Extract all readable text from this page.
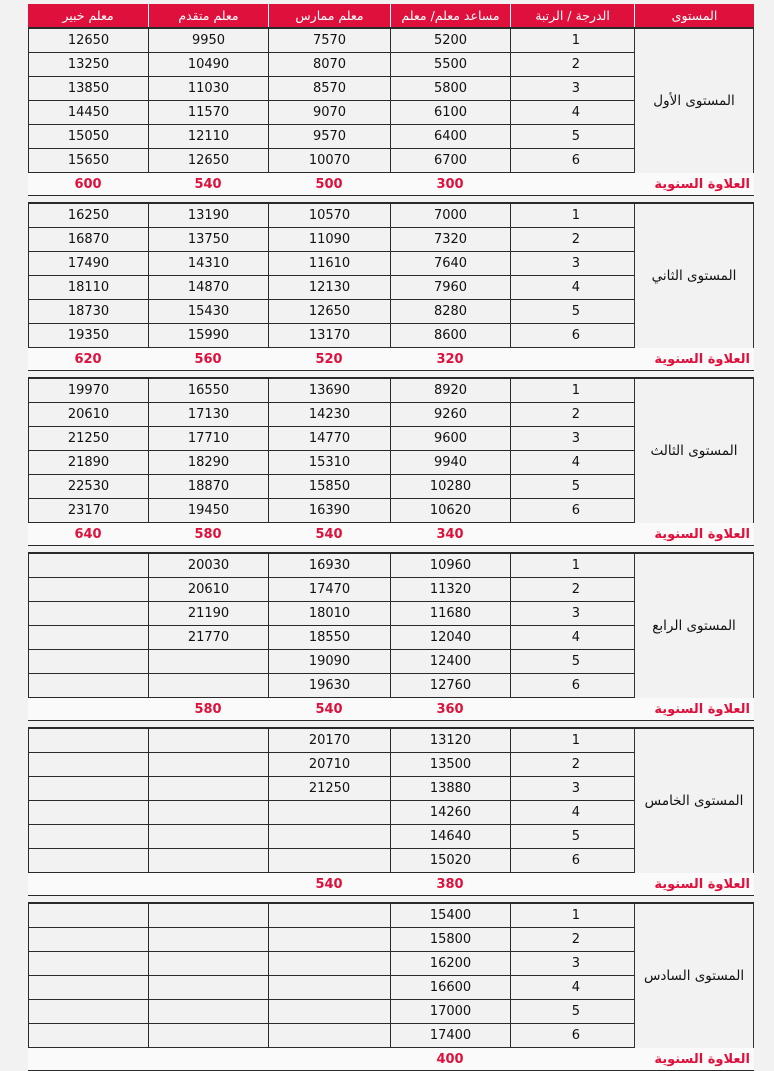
المستوى
الدرجة / الرتبة
مساعد معلم/ معلم
معلم ممارس
معلم متقدم
معلم خبير
المستوى الأول
1
5200
7570
9950
12650
2
5500
8070
10490
13250
3
5800
8570
11030
13850
4
6100
9070
11570
14450
5
6400
9570
12110
15050
6
6700
10070
12650
15650
العلاوة السنوية
300
500
540
600
المستوى الثاني
1
7000
10570
13190
16250
2
7320
11090
13750
16870
3
7640
11610
14310
17490
4
7960
12130
14870
18110
5
8280
12650
15430
18730
6
8600
13170
15990
19350
العلاوة السنوية
320
520
560
620
المستوى الثالث
1
8920
13690
16550
19970
2
9260
14230
17130
20610
3
9600
14770
17710
21250
4
9940
15310
18290
21890
5
10280
15850
18870
22530
6
10620
16390
19450
23170
العلاوة السنوية
340
540
580
640
المستوى الرابع
1
10960
16930
20030
2
11320
17470
20610
3
11680
18010
21190
4
12040
18550
21770
5
12400
19090
6
12760
19630
العلاوة السنوية
360
540
580
المستوى الخامس
1
13120
20170
2
13500
20710
3
13880
21250
4
14260
5
14640
6
15020
العلاوة السنوية
380
540
المستوى السادس
1
15400
2
15800
3
16200
4
16600
5
17000
6
17400
العلاوة السنوية
400
